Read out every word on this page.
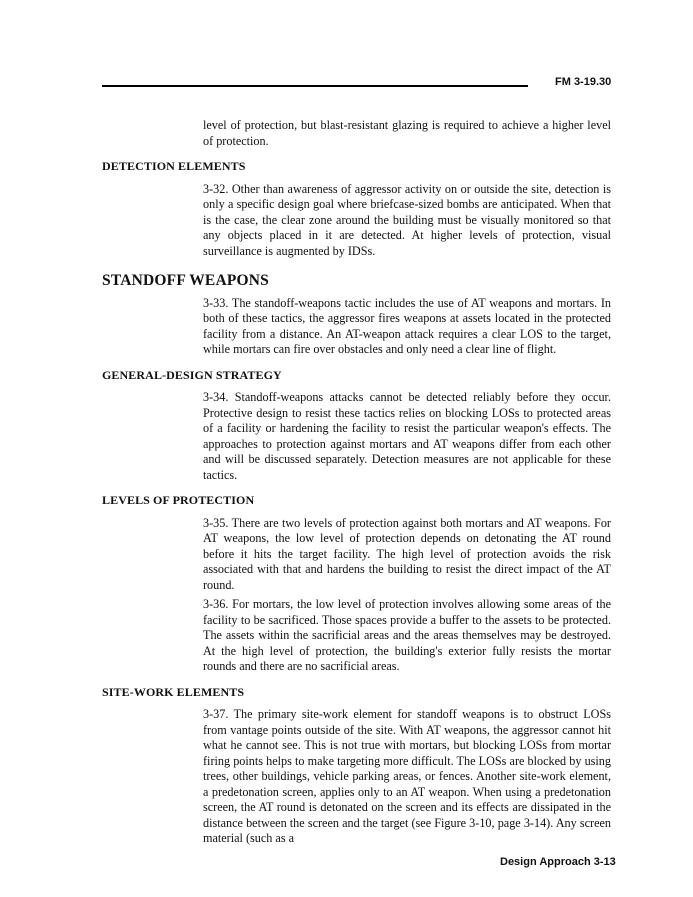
FM 3-19.30

level of protection, but blast-resistant glazing is required to achieve a higher level of protection.

DETECTION ELEMENTS

3-32. Other than awareness of aggressor activity on or outside the site, detection is only a specific design goal where briefcase-sized bombs are anticipated. When that is the case, the clear zone around the building must be visually monitored so that any objects placed in it are detected. At higher levels of protection, visual surveillance is augmented by IDSs.

STANDOFF WEAPONS

3-33. The standoff-weapons tactic includes the use of AT weapons and mortars. In both of these tactics, the aggressor fires weapons at assets located in the protected facility from a distance. An AT-weapon attack requires a clear LOS to the target, while mortars can fire over obstacles and only need a clear line of flight.

GENERAL-DESIGN STRATEGY

3-34. Standoff-weapons attacks cannot be detected reliably before they occur. Protective design to resist these tactics relies on blocking LOSs to protected areas of a facility or hardening the facility to resist the particular weapon's effects. The approaches to protection against mortars and AT weapons differ from each other and will be discussed separately. Detection measures are not applicable for these tactics.

LEVELS OF PROTECTION

3-35. There are two levels of protection against both mortars and AT weapons. For AT weapons, the low level of protection depends on detonating the AT round before it hits the target facility. The high level of protection avoids the risk associated with that and hardens the building to resist the direct impact of the AT round.

3-36. For mortars, the low level of protection involves allowing some areas of the facility to be sacrificed. Those spaces provide a buffer to the assets to be protected. The assets within the sacrificial areas and the areas themselves may be destroyed. At the high level of protection, the building's exterior fully resists the mortar rounds and there are no sacrificial areas.

SITE-WORK ELEMENTS

3-37. The primary site-work element for standoff weapons is to obstruct LOSs from vantage points outside of the site. With AT weapons, the aggressor cannot hit what he cannot see. This is not true with mortars, but blocking LOSs from mortar firing points helps to make targeting more difficult. The LOSs are blocked by using trees, other buildings, vehicle parking areas, or fences. Another site-work element, a predetonation screen, applies only to an AT weapon. When using a predetonation screen, the AT round is detonated on the screen and its effects are dissipated in the distance between the screen and the target (see Figure 3-10, page 3-14). Any screen material (such as a

Design Approach 3-13
